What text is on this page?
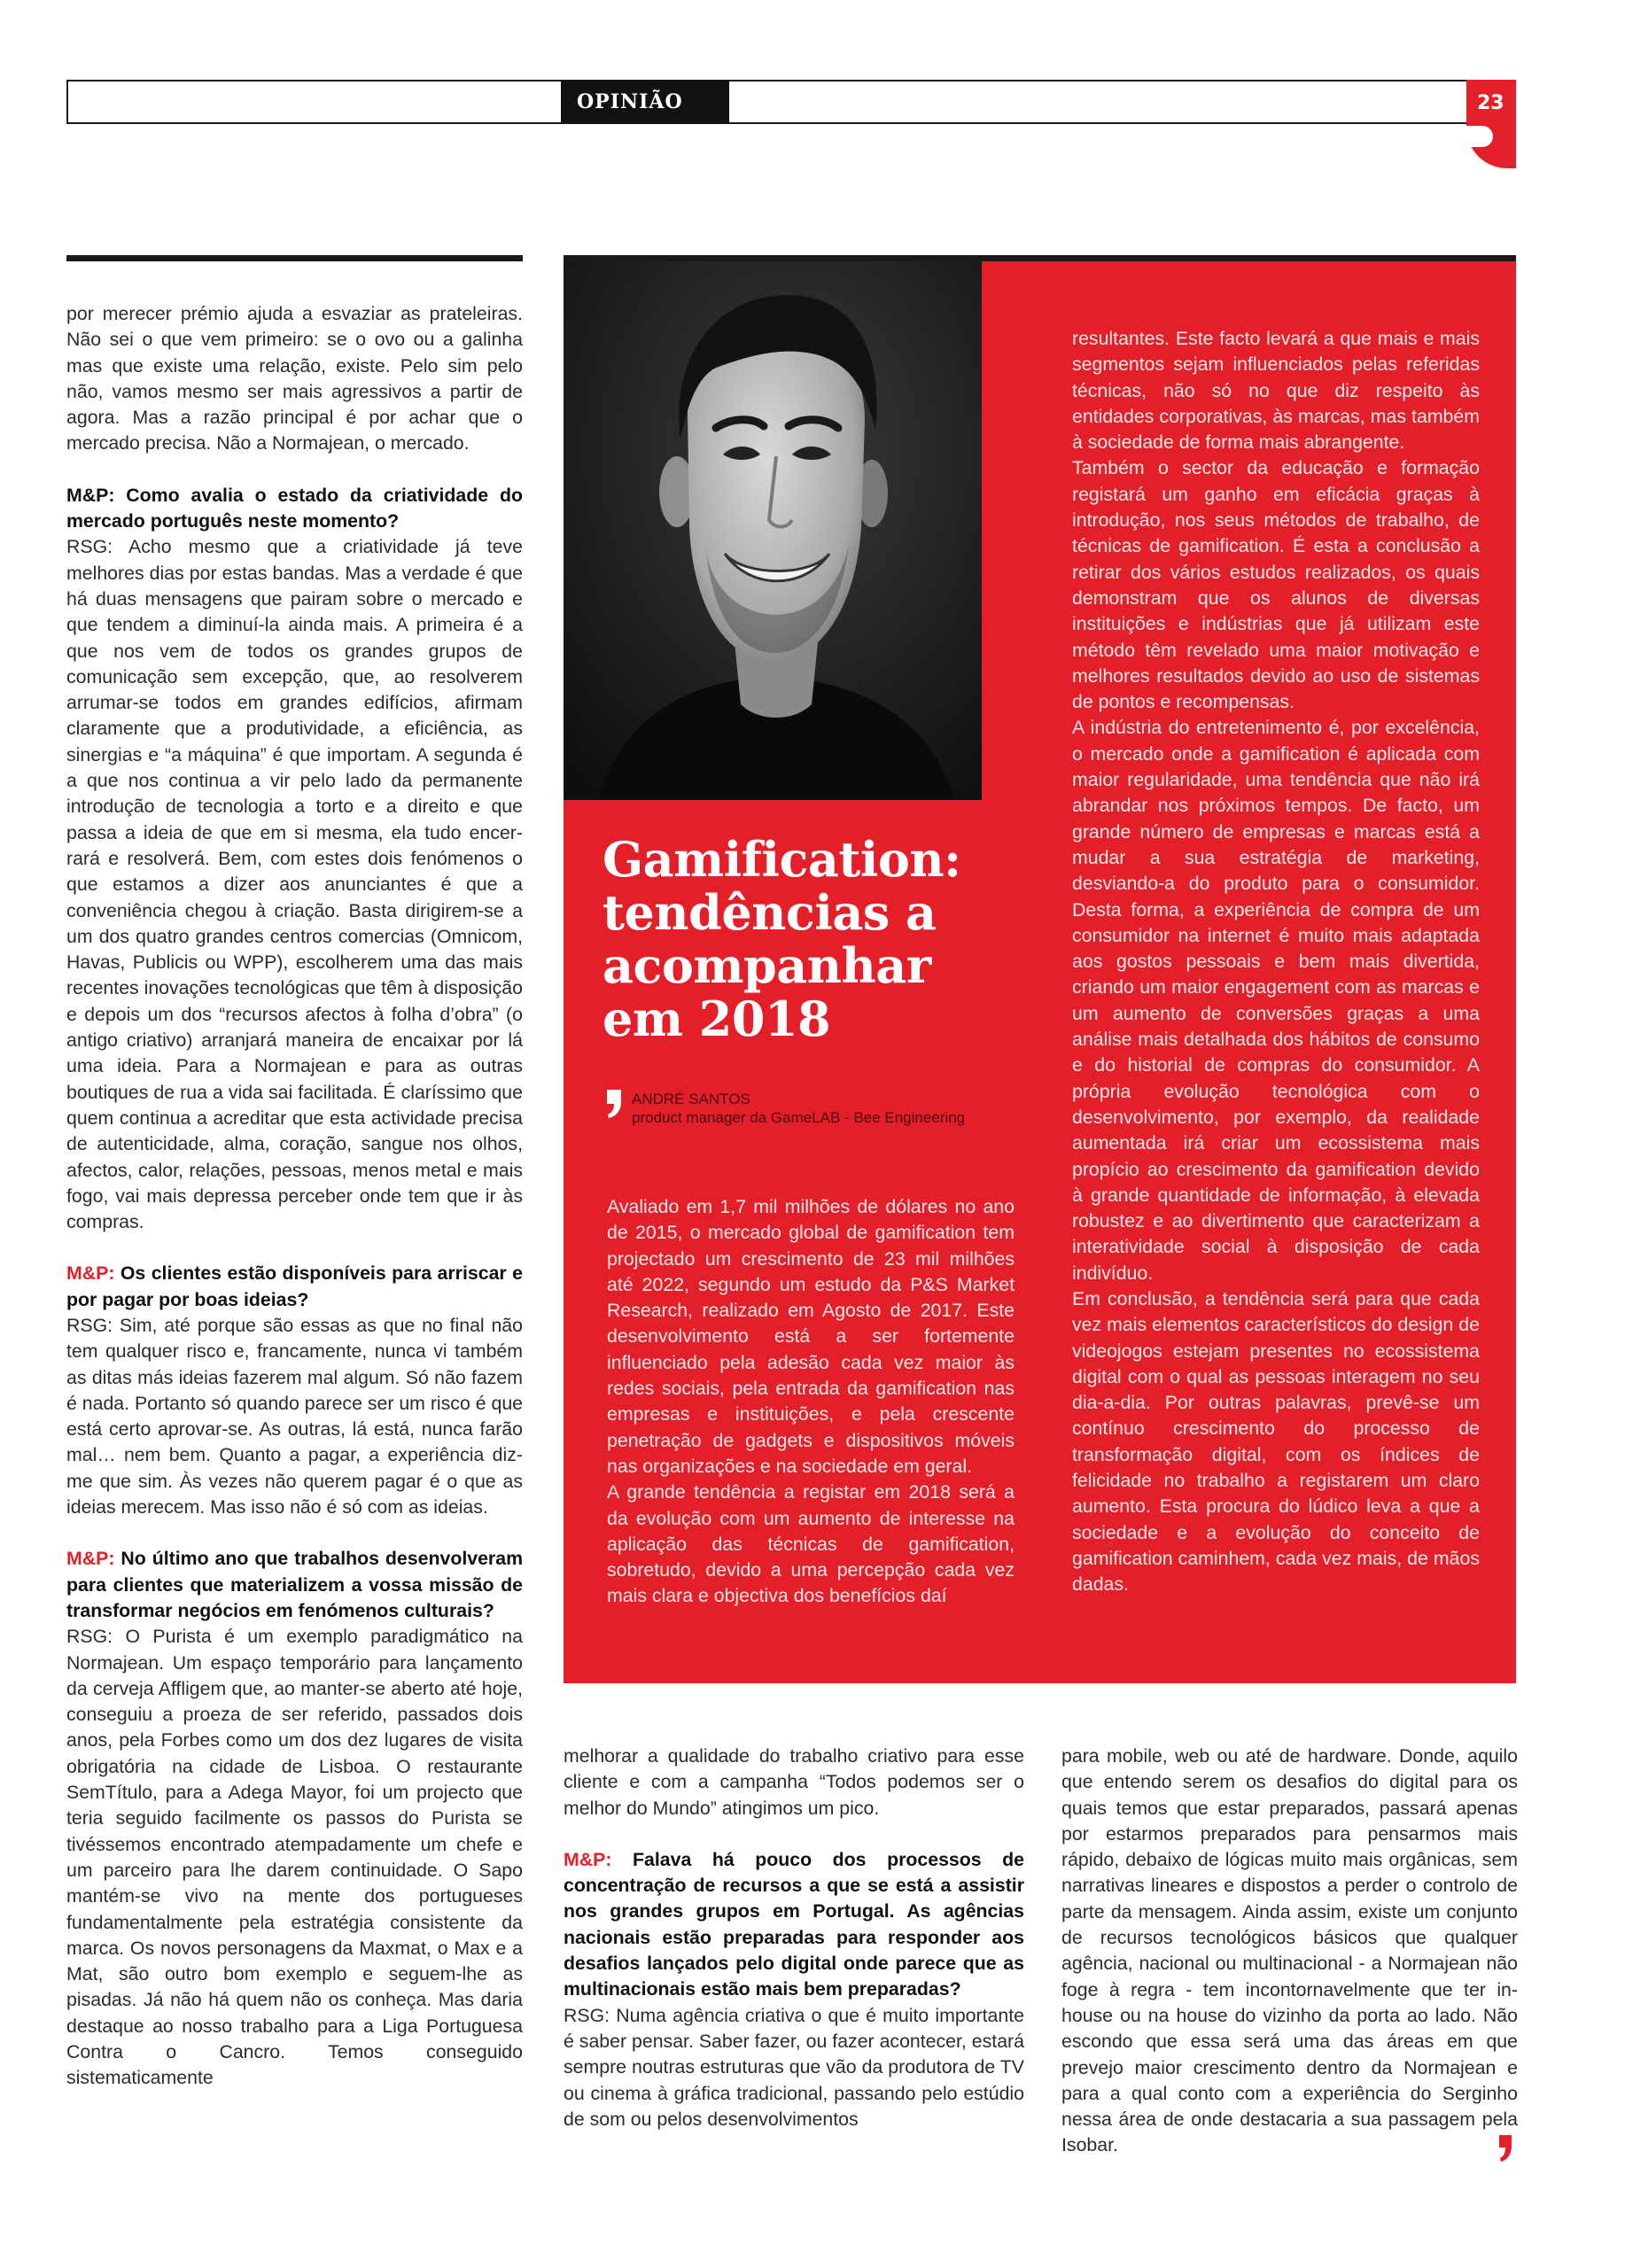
OPINIÃO	23

por merecer prémio ajuda a esvaziar as prateleiras. Não sei o que vem primeiro: se o ovo ou a galinha mas que existe uma relação, existe. Pelo sim pelo não, vamos mesmo ser mais agressivos a partir de agora. Mas a razão principal é por achar que o mercado precisa. Não a Normajean, o mercado.

M&P: Como avalia o estado da criatividade do mercado português neste momento?

RSG: Acho mesmo que a criatividade já teve melhores dias por estas bandas. Mas a verdade é que há duas mensagens que pairam sobre o mercado e que tendem a diminuí-la ainda mais. A primeira é a que nos vem de todos os grandes grupos de comunicação sem excepção, que, ao resolverem arrumar-se todos em grandes edifícios, afirmam claramente que a produtividade, a eficiência, as sinergias e “a máquina” é que importam. A segunda é a que nos continua a vir pelo lado da permanente introdução de tecnologia a torto e a direito e que passa a ideia de que em si mesma, ela tudo encer-rará e resolverá. Bem, com estes dois fenómenos o que estamos a dizer aos anunciantes é que a conveniência chegou à criação. Basta dirigirem-se a um dos quatro grandes centros comercias (Omnicom, Havas, Publicis ou WPP), escolherem uma das mais recentes inovações tecnológicas que têm à disposição e depois um dos “recursos afectos à folha d’obra” (o antigo criativo) arranjará maneira de encaixar por lá uma ideia. Para a Normajean e para as outras boutiques de rua a vida sai facilitada. É claríssimo que quem continua a acreditar que esta actividade precisa de autenticidade, alma, coração, sangue nos olhos, afectos, calor, relações, pessoas, menos metal e mais fogo, vai mais depressa perceber onde tem que ir às compras.

M&P: Os clientes estão disponíveis para arriscar e por pagar por boas ideias?

RSG: Sim, até porque são essas as que no final não tem qualquer risco e, francamente, nunca vi também as ditas más ideias fazerem mal algum. Só não fazem é nada. Portanto só quando parece ser um risco é que está certo aprovar-se. As outras, lá está, nunca farão mal… nem bem. Quanto a pagar, a experiência diz-me que sim. Às vezes não querem pagar é o que as ideias merecem. Mas isso não é só com as ideias.

M&P: No último ano que trabalhos desenvolveram para clientes que materializem a vossa missão de transformar negócios em fenómenos culturais?

RSG: O Purista é um exemplo paradigmático na Normajean. Um espaço temporário para lançamento da cerveja Affligem que, ao manter-se aberto até hoje, conseguiu a proeza de ser referido, passados dois anos, pela Forbes como um dos dez lugares de visita obrigatória na cidade de Lisboa. O restaurante SemTítulo, para a Adega Mayor, foi um projecto que teria seguido facilmente os passos do Purista se tivéssemos encontrado atempadamente um chefe e um parceiro para lhe darem continuidade. O Sapo mantém-se vivo na mente dos portugueses fundamentalmente pela estratégia consistente da marca. Os novos personagens da Maxmat, o Max e a Mat, são outro bom exemplo e seguem-lhe as pisadas. Já não há quem não os conheça. Mas daria destaque ao nosso trabalho para a Liga Portuguesa Contra o Cancro. Temos conseguido sistematicamente

Gamification:
tendências a
acompanhar
em 2018
ANDRÉ SANTOS
product manager da GameLAB - Bee Engineering

Avaliado em 1,7 mil milhões de dólares no ano de 2015, o mercado global de gamification tem projectado um crescimento de 23 mil milhões até 2022, segundo um estudo da P&S Market Research, realizado em Agosto de 2017. Este desenvolvimento está a ser fortemente influenciado pela adesão cada vez maior às redes sociais, pela entrada da gamification nas empresas e instituições, e pela crescente penetração de gadgets e dispositivos móveis nas organizações e na sociedade em geral.

A grande tendência a registar em 2018 será a da evolução com um aumento de interesse na aplicação das técnicas de gamification, sobretudo, devido a uma percepção cada vez mais clara e objectiva dos benefícios daí

resultantes. Este facto levará a que mais e mais segmentos sejam influenciados pelas referidas técnicas, não só no que diz respeito às entidades corporativas, às marcas, mas também à sociedade de forma mais abrangente.

Também o sector da educação e formação registará um ganho em eficácia graças à introdução, nos seus métodos de trabalho, de técnicas de gamification. É esta a conclusão a retirar dos vários estudos realizados, os quais demonstram que os alunos de diversas instituições e indústrias que já utilizam este método têm revelado uma maior motivação e melhores resultados devido ao uso de sistemas de pontos e recompensas.

A indústria do entretenimento é, por excelência, o mercado onde a gamification é aplicada com maior regularidade, uma tendência que não irá abrandar nos próximos tempos. De facto, um grande número de empresas e marcas está a mudar a sua estratégia de marketing, desviando-a do produto para o consumidor. Desta forma, a experiência de compra de um consumidor na internet é muito mais adaptada aos gostos pessoais e bem mais divertida, criando um maior engagement com as marcas e um aumento de conversões graças a uma análise mais detalhada dos hábitos de consumo e do historial de compras do consumidor. A própria evolução tecnológica com o desenvolvimento, por exemplo, da realidade aumentada irá criar um ecossistema mais propício ao crescimento da gamification devido à grande quantidade de informação, à elevada robustez e ao divertimento que caracterizam a interatividade social à disposição de cada indivíduo.

Em conclusão, a tendência será para que cada vez mais elementos característicos do design de videojogos estejam presentes no ecossistema digital com o qual as pessoas interagem no seu dia-a-dia. Por outras palavras, prevê-se um contínuo crescimento do processo de transformação digital, com os índices de felicidade no trabalho a registarem um claro aumento. Esta procura do lúdico leva a que a sociedade e a evolução do conceito de gamification caminhem, cada vez mais, de mãos dadas.

melhorar a qualidade do trabalho criativo para esse cliente e com a campanha “Todos podemos ser o melhor do Mundo” atingimos um pico.

M&P: Falava há pouco dos processos de concentração de recursos a que se está a assistir nos grandes grupos em Portugal. As agências nacionais estão preparadas para responder aos desafios lançados pelo digital onde parece que as multinacionais estão mais bem preparadas?

RSG: Numa agência criativa o que é muito importante é saber pensar. Saber fazer, ou fazer acontecer, estará sempre noutras estruturas que vão da produtora de TV ou cinema à gráfica tradicional, passando pelo estúdio de som ou pelos desenvolvimentos

para mobile, web ou até de hardware. Donde, aquilo que entendo serem os desafios do digital para os quais temos que estar preparados, passará apenas por estarmos preparados para pensarmos mais rápido, debaixo de lógicas muito mais orgânicas, sem narrativas lineares e dispostos a perder o controlo de parte da mensagem. Ainda assim, existe um conjunto de recursos tecnológicos básicos que qualquer agência, nacional ou multinacional - a Normajean não foge à regra - tem incontornavelmente que ter in-house ou na house do vizinho da porta ao lado. Não escondo que essa será uma das áreas em que prevejo maior crescimento dentro da Normajean e para a qual conto com a experiência do Serginho nessa área de onde destacaria a sua passagem pela Isobar.
